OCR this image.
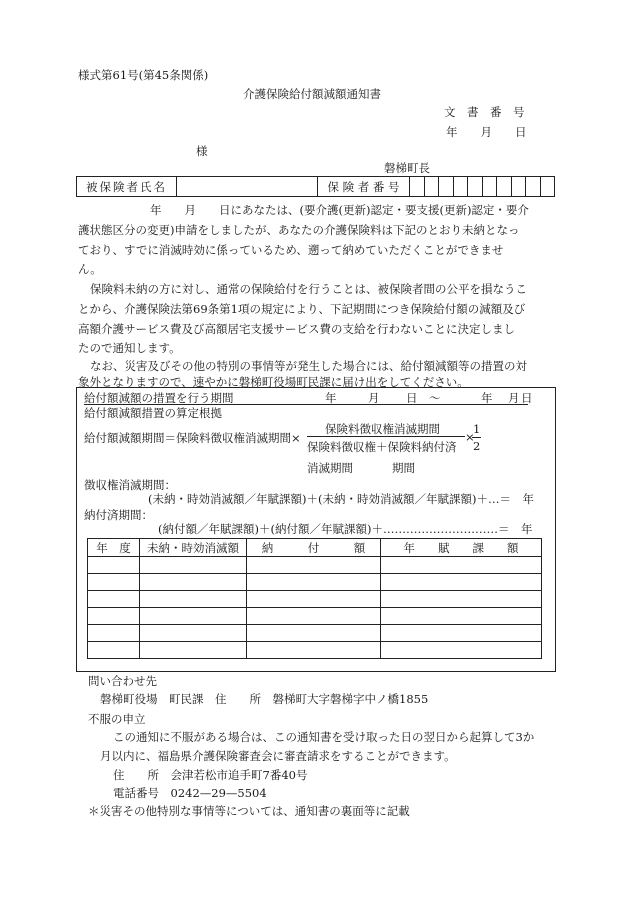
様式第61号(第45条関係)
介護保険給付額減額通知書
文　書　番　号
年　　月　　日
様
磐梯町長
被保険者氏名		保 険 者 番 号										
年　　月　　日にあなたは、(要介護(更新)認定・要支援(更新)認定・要介
護状態区分の変更)申請をしましたが、あなたの介護保険料は下記のとおり未納となっ
ており、すでに消滅時効に係っているため、遡って納めていただくことができませ
ん。
保険料未納の方に対し、通常の保険給付を行うことは、被保険者間の公平を損なうこ
とから、介護保険法第69条第1項の規定により、下記期間につき保険給付額の減額及び
高額介護サービス費及び高額居宅支援サービス費の支給を行わないことに決定しまし
たので通知します。
なお、災害及びその他の特別の事情等が発生した場合には、給付額減額等の措置の対
象外となりますので、速やかに磐梯町役場町民課に届け出をしてください。
給付額減額の措置を行う期間	年	月 日　〜	年 月 日
給付額減額措置の算定根拠
給付額減額期間＝保険料徴収権消滅期間×
保険料徴収権消滅期間
保険料徴収権＋保険料納付済
×
1
2
消滅期間	期間
徴収権消滅期間：
(未納・時効消滅額／年賦課額)＋(未納・時効消滅額／年賦課額)＋…＝　年
納付済期間：
(納付額／年賦課額)＋(納付額／年賦課額)＋…………………………＝　年
年　度	未納・時効消滅額	納　　　付　　　額	年　　賦　　課　　額

問い合わせ先
磐梯町役場　町民課　住　　所　磐梯町大字磐梯字中ノ橋1855
不服の申立
この通知に不服がある場合は、この通知書を受け取った日の翌日から起算して3か
月以内に、福島県介護保険審査会に審査請求をすることができます。
住　　所　会津若松市追手町7番40号
電話番号　0242—29—5504
＊災害その他特別な事情等については、通知書の裏面等に記載
